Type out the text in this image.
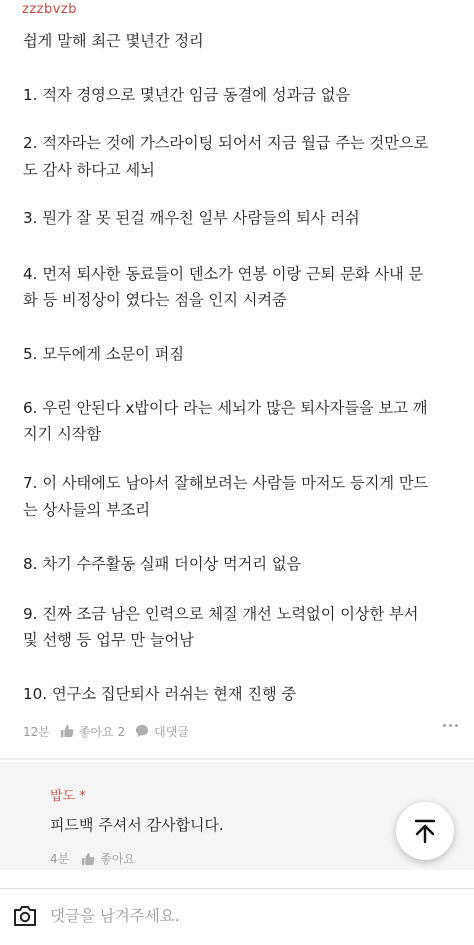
zzzbvzb
쉽게 말해 최근 몇년간 정리
1. 적자 경영으로 몇년간 임금 동결에 성과금 없음
2. 적자라는 것에 가스라이팅 되어서 지금 월급 주는 것만으로
도 감사 하다고 세뇌
3. 뭔가 잘 못 된걸 깨우친 일부 사람들의 퇴사 러쉬
4. 먼저 퇴사한 동료들이 덴소가 연봉 이랑 근퇴 문화 사내 문
화 등 비정상이 였다는 점을 인지 시켜줌
5. 모두에게 소문이 퍼짐
6. 우린 안된다 x밥이다 라는 세뇌가 많은 퇴사자들을 보고 깨
지기 시작함
7. 이 사태에도 남아서 잘해보려는 사람들 마저도 등지게 만드
는 상사들의 부조리
8. 차기 수주활동 실패 더이상 먹거리 없음
9. 진짜 조금 남은 인력으로 체질 개선 노력없이 이상한 부서
및 선행 등 업무 만 늘어남
10. 연구소 집단퇴사 러쉬는 현재 진행 중
12분 좋아요 2 대댓글
밥도 *
피드백 주셔서 감사합니다.
4분	좋아요
댓글을 남겨주세요.
